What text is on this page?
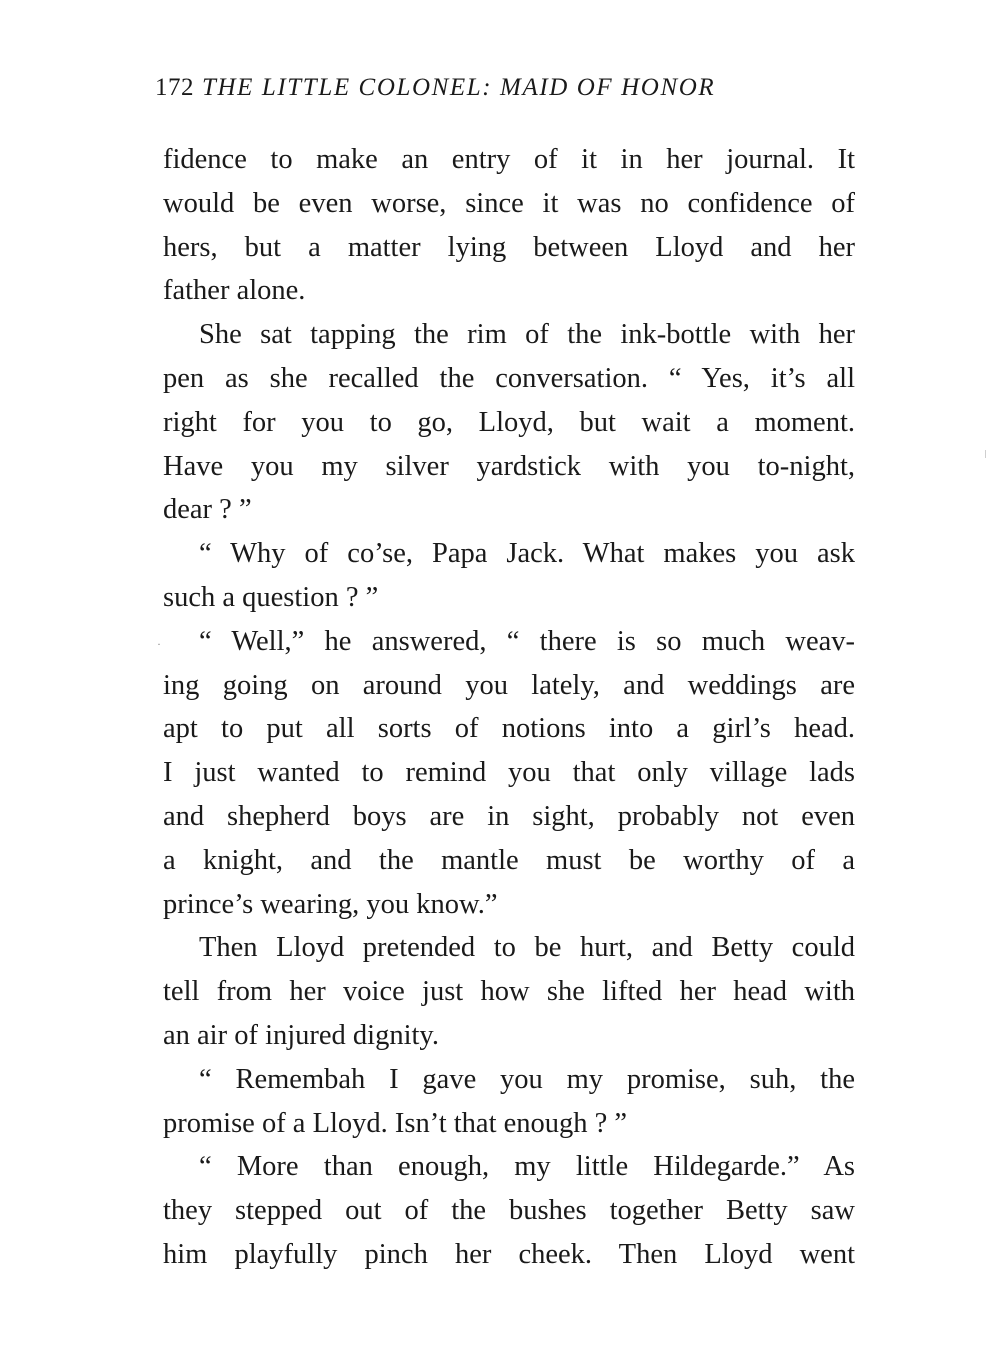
172 THE LITTLE COLONEL: MAID OF HONOR
·
fidence to make an entry of it in her journal. It
would be even worse, since it was no confidence of
hers, but a matter lying between Lloyd and her
father alone.
She sat tapping the rim of the ink-bottle with her
pen as she recalled the conversation. “ Yes, it’s all
right for you to go, Lloyd, but wait a moment.
Have you my silver yardstick with you to-night,
dear ? ”
“ Why of co’se, Papa Jack. What makes you ask
such a question ? ”
“ Well,” he answered, “ there is so much weav-
ing going on around you lately, and weddings are
apt to put all sorts of notions into a girl’s head.
I just wanted to remind you that only village lads
and shepherd boys are in sight, probably not even
a knight, and the mantle must be worthy of a
prince’s wearing, you know.”
Then Lloyd pretended to be hurt, and Betty could
tell from her voice just how she lifted her head with
an air of injured dignity.
“ Remembah I gave you my promise, suh, the
promise of a Lloyd. Isn’t that enough ? ”
“ More than enough, my little Hildegarde.” As
they stepped out of the bushes together Betty saw
him playfully pinch her cheek. Then Lloyd went
